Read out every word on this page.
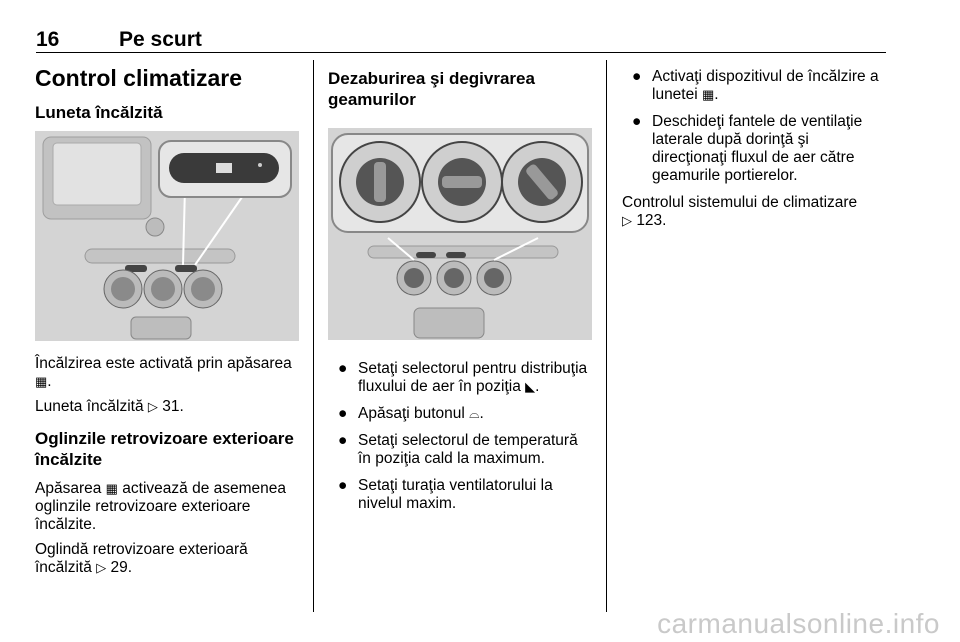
16	Pe scurt
Control climatizare
Luneta încălzită

Încălzirea este activată prin apăsarea ▦.

Luneta încălzită ▷ 31.

Oglinzile retrovizoare exterioare încălzite

Apăsarea ▦ activează de asemenea oglinzile retrovizoare exterioare încălzite.

Oglindă retrovizoare exterioară încălzită ▷ 29.

Dezaburirea şi degivrarea geamurilor
● Setaţi selectorul pentru distribuţia fluxului de aer în poziţia ◣.
● Apăsaţi butonul ⌓.
● Setaţi selectorul de temperatură în poziţia cald la maximum.
● Setaţi turaţia ventilatorului la nivelul maxim.
● Activaţi dispozitivul de încălzire a lunetei ▦.
● Deschideţi fantele de ventilaţie laterale după dorinţă şi direcţionaţi fluxul de aer către geamurile portierelor.

Controlul sistemului de climatizare
▷ 123.

carmanualsonline.info
